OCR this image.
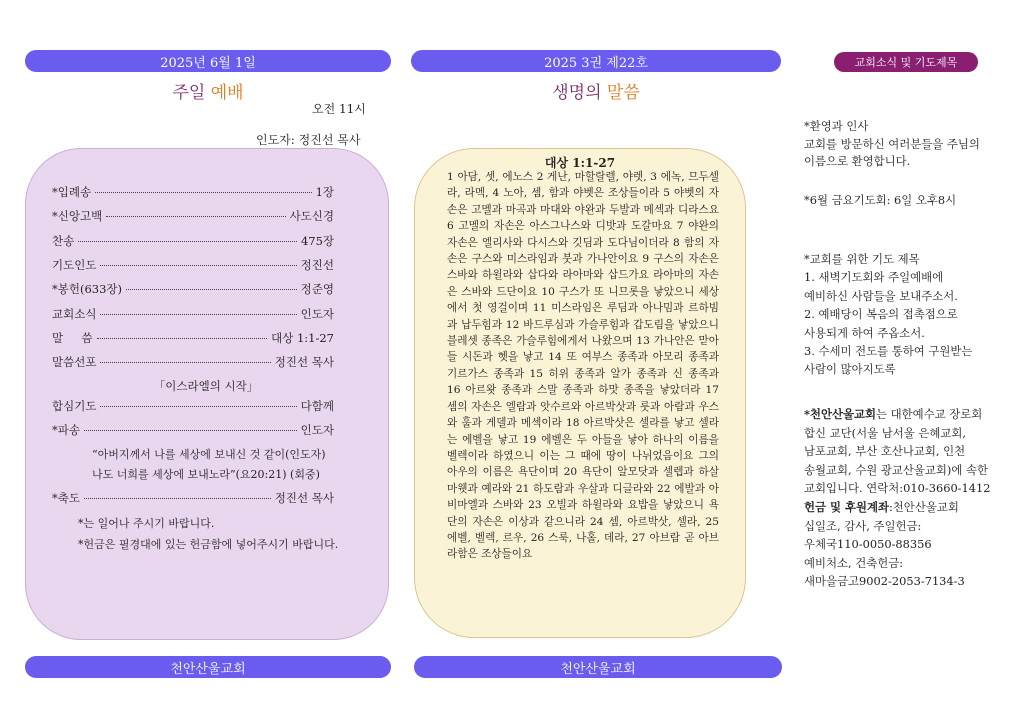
2025년 6월 1일
주일 예배
오전 11시
인도자: 정진선 목사
*입례송	1장
*신앙고백	사도신경
찬송	475장
기도인도	정진선
*봉헌(633장)	정준영
교회소식	인도자
말     씀	대상 1:1-27
말씀선포	정진선 목사
「이스라엘의 시작」
합심기도	다함께
*파송	인도자
“아버지께서 나를 세상에 보내신 것 같이(인도자)
나도 너희를 세상에 보내노라”(요20:21) (회중)
*축도	정진선 목사
*는 일어나 주시기 바랍니다.
*헌금은 필경대에 있는 헌금함에 넣어주시기 바랍니다.
천안산울교회
2025 3권 제22호
생명의 말씀
대상 1:1-27
1 아담, 셋, 에노스 2 게난, 마할랄렐, 야렛, 3 에녹, 므두셀라, 라멕, 4 노아, 셈, 함과 야벳은 조상들이라 5 야벳의 자손은 고멜과 마곡과 마대와 야완과 두발과 메섹과 디라스요 6 고멜의 자손은 아스그나스와 디밧과 도갈마요 7 야완의 자손은 엘리사와 다시스와 깃딤과 도다님이더라 8 함의 자손은 구스와 미스라임과 붓과 가나안이요 9 구스의 자손은 스바와 하윌라와 삽다와 라아마와 삽드가요 라아마의 자손은 스바와 드단이요 10 구스가 또 니므롯을 낳았으니 세상에서 첫 영걸이며 11 미스라임은 루딤과 아나밈과 르하빔과 납두힘과 12 바드루심과 가슬루힘과 갑도림을 낳았으니 블레셋 종족은 가슬루힘에게서 나왔으며 13 가나안은 맏아들 시돈과 헷을 낳고 14 또 여부스 종족과 아모리 종족과 기르가스 종족과 15 히위 종족과 알가 종족과 신 종족과 16 아르왓 종족과 스말 종족과 하맛 종족을 낳았더라 17 셈의 자손은 엘람과 앗수르와 아르박삿과 룻과 아람과 우스와 훌과 게델과 메섹이라 18 아르박삿은 셀라를 낳고 셀라는 에벨을 낳고 19 에벨은 두 아들을 낳아 하나의 이름을 벨렉이라 하였으니 이는 그 때에 땅이 나뉘었음이요 그의 아우의 이름은 욕단이며 20 욕단이 알모닷과 셀렙과 하살마웻과 예라와 21 하도람과 우살과 디글라와 22 에발과 아비마엘과 스바와 23 오빌과 하윌라와 요밥을 낳았으니 욕단의 자손은 이상과 같으니라 24 셈, 아르박삿, 셀라, 25 에벨, 벨렉, 르우, 26 스룩, 나홀, 데라, 27 아브람 곧 아브라함은 조상들이요
천안산울교회
교회소식 및 기도제목
*환영과 인사
교회를 방문하신 여러분들을 주님의
이름으로 환영합니다.
*6월 금요기도회: 6일 오후8시
*교회를 위한 기도 제목
1. 새벽기도회와 주일예배에
예비하신 사람들을 보내주소서.
2. 예배당이 복음의 접촉점으로
사용되게 하여 주옵소서.
3. 수세미 전도를 통하여 구원받는
사람이 많아지도록
*천안산울교회는 대한예수교 장로회
합신 교단(서울 남서울 은혜교회,
남포교회, 부산 호산나교회, 인천
송월교회, 수원 광교산울교회)에 속한
교회입니다. 연락처:010-3660-1412
헌금 및 후원계좌:천안산울교회
십일조, 감사, 주일헌금:
우체국110-0050-88356
예비처소, 건축헌금:
새마을금고9002-2053-7134-3
